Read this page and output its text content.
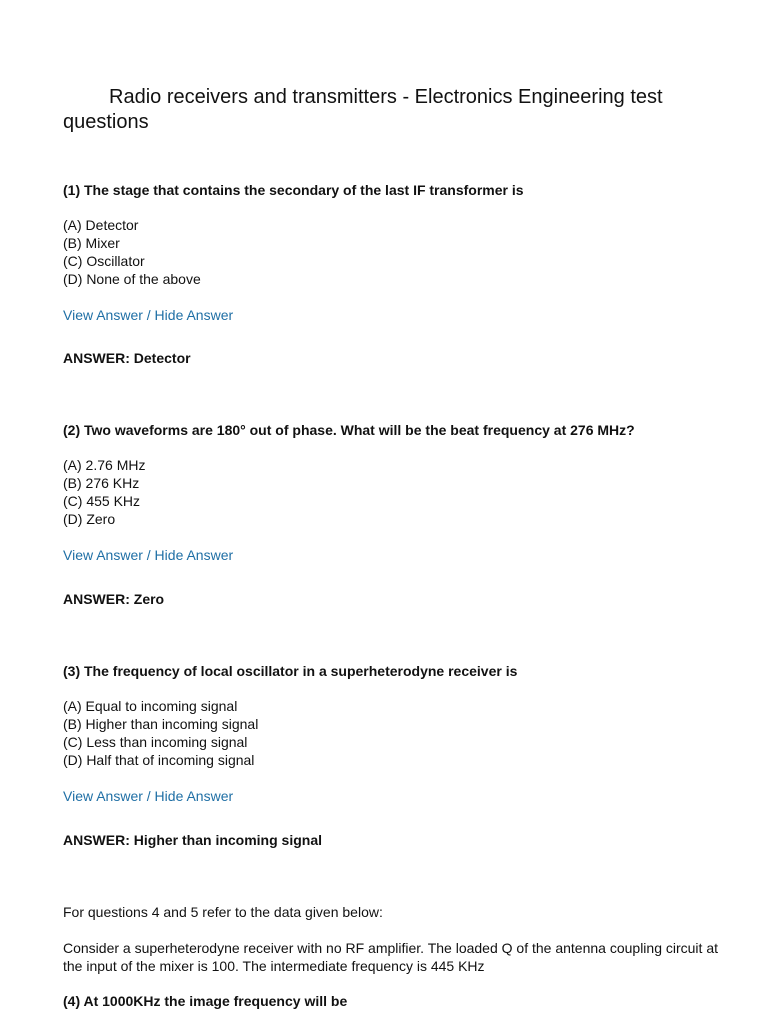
Radio receivers and transmitters - Electronics Engineering test questions

(1) The stage that contains the secondary of the last IF transformer is

(A) Detector
(B) Mixer
(C) Oscillator
(D) None of the above
View Answer / Hide Answer

ANSWER: Detector

(2) Two waveforms are 180° out of phase. What will be the beat frequency at 276 MHz?

(A) 2.76 MHz
(B) 276 KHz
(C) 455 KHz
(D) Zero
View Answer / Hide Answer

ANSWER: Zero

(3) The frequency of local oscillator in a superheterodyne receiver is

(A) Equal to incoming signal
(B) Higher than incoming signal
(C) Less than incoming signal
(D) Half that of incoming signal
View Answer / Hide Answer

ANSWER: Higher than incoming signal

For questions 4 and 5 refer to the data given below:

Consider a superheterodyne receiver with no RF amplifier. The loaded Q of the antenna coupling circuit at the input of the mixer is 100. The intermediate frequency is 445 KHz

(4) At 1000KHz the image frequency will be
